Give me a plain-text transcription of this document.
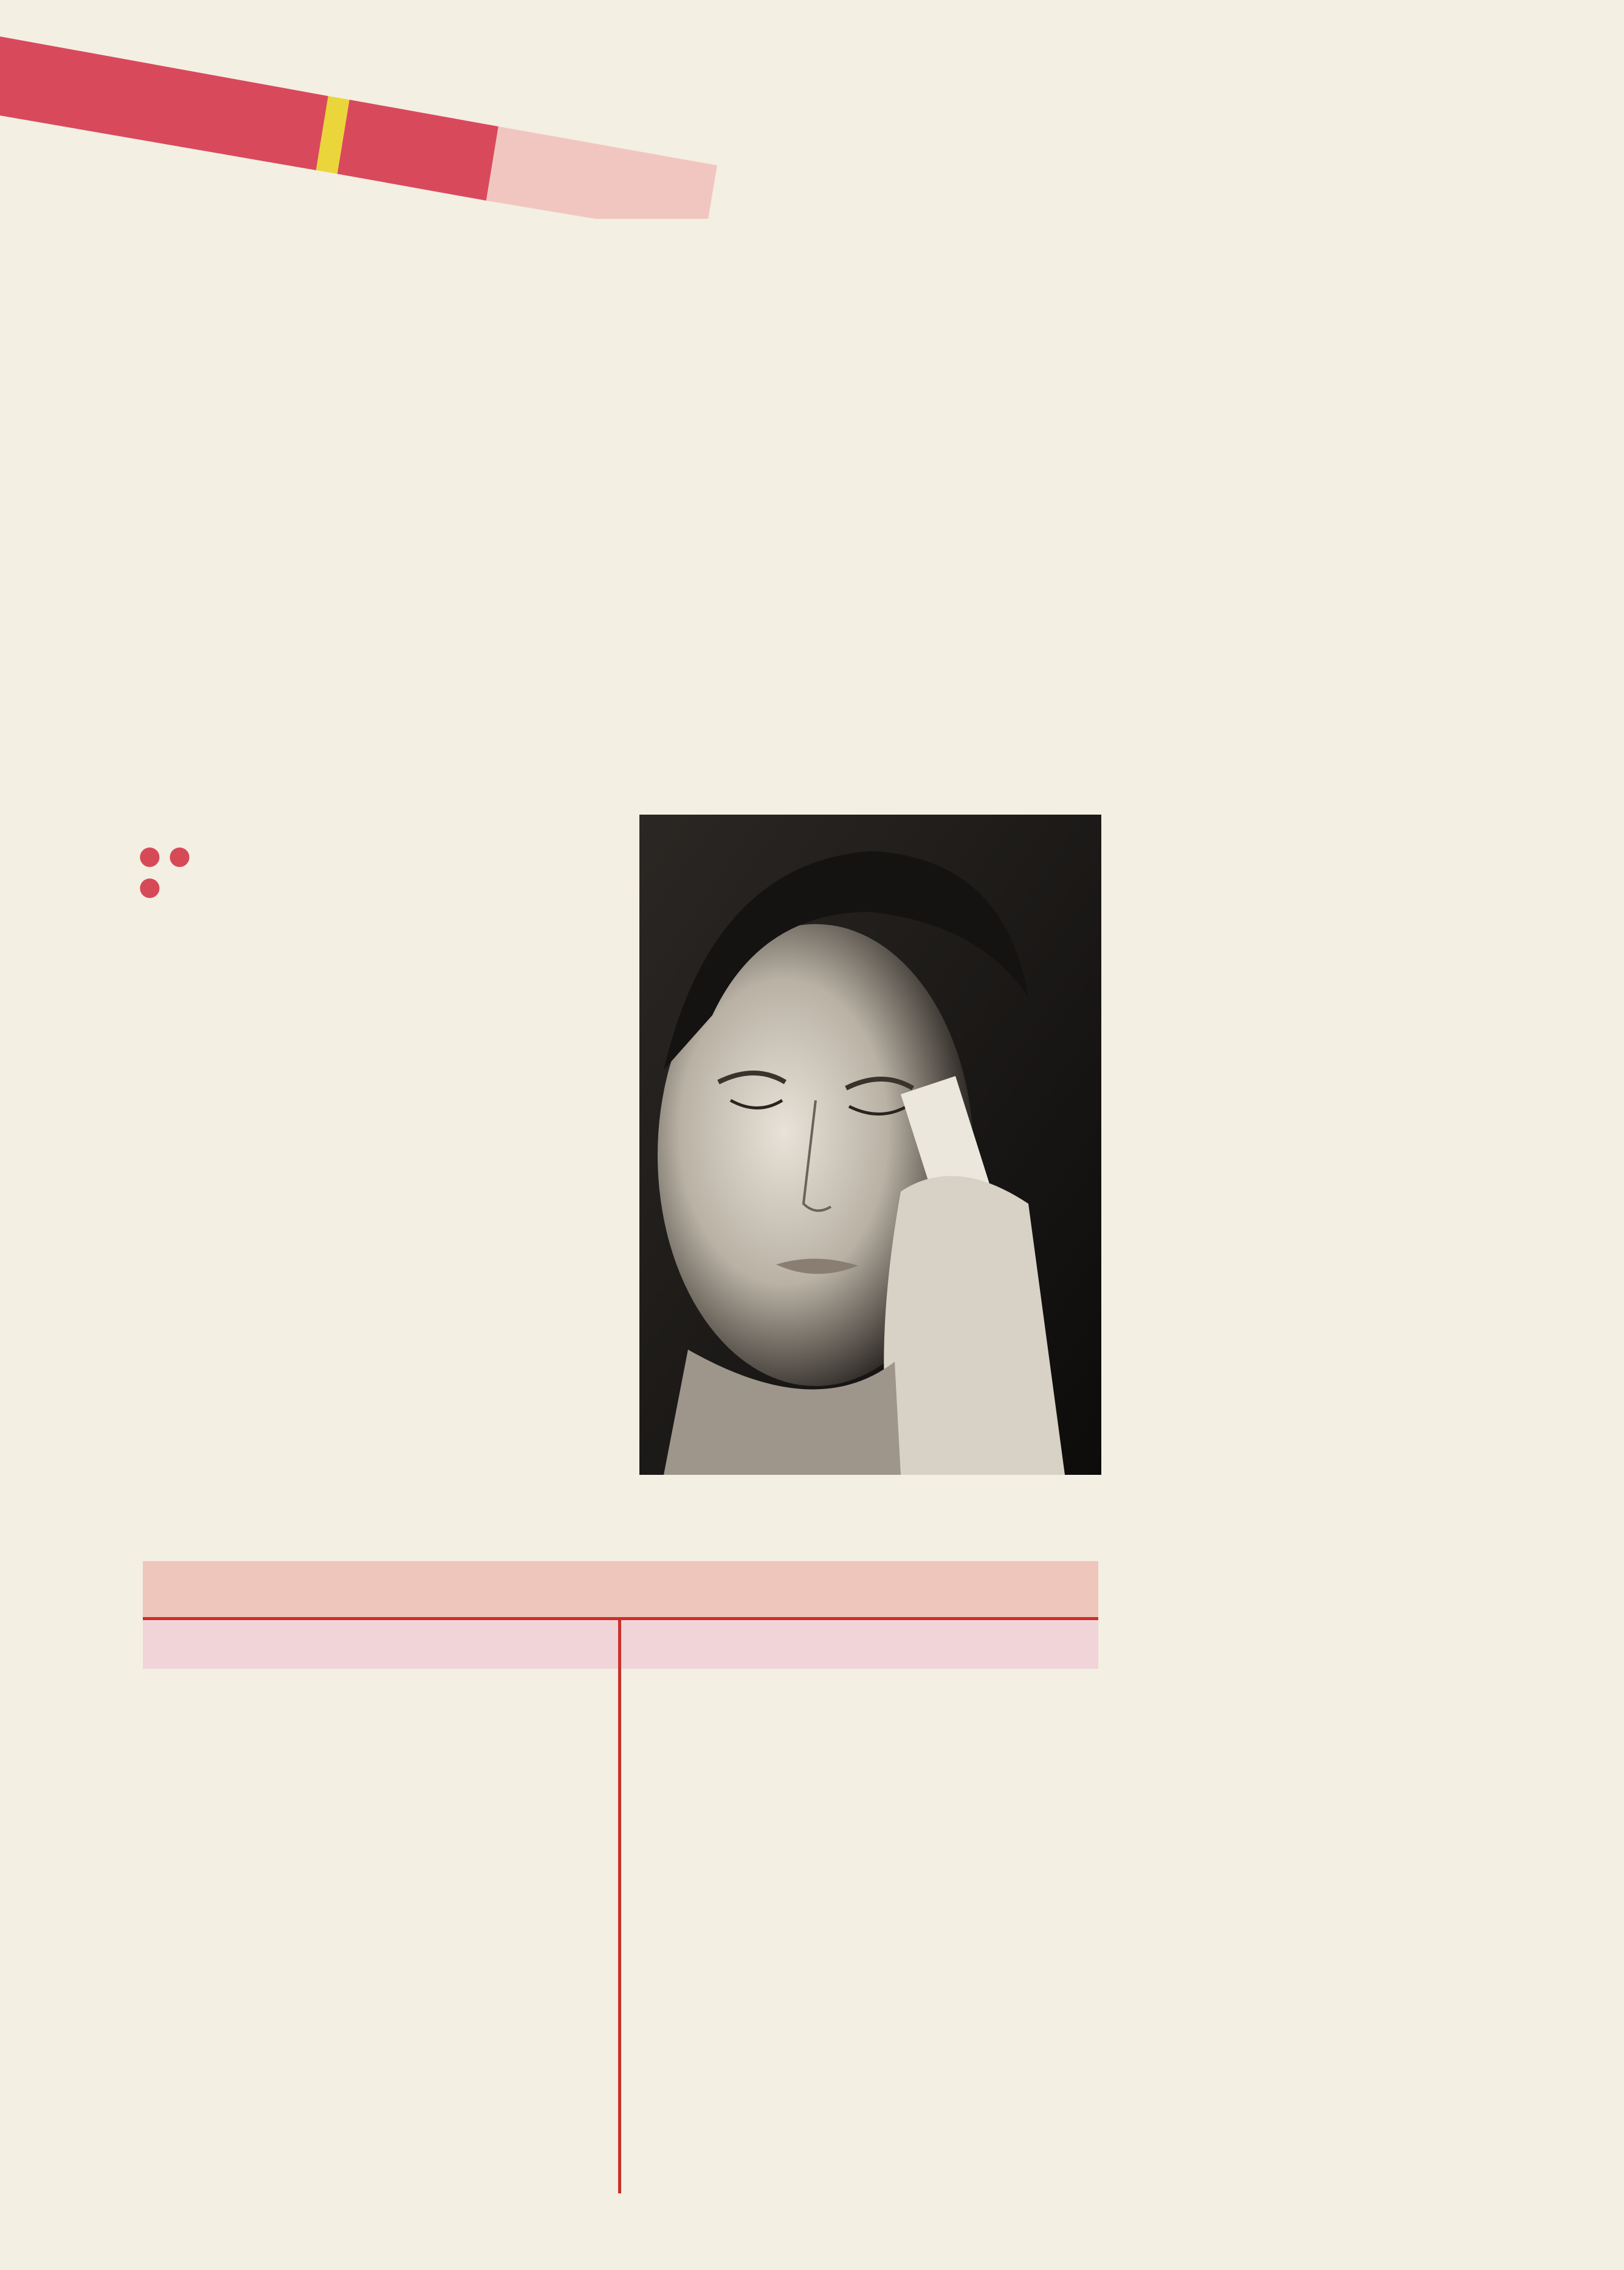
● ●
●
